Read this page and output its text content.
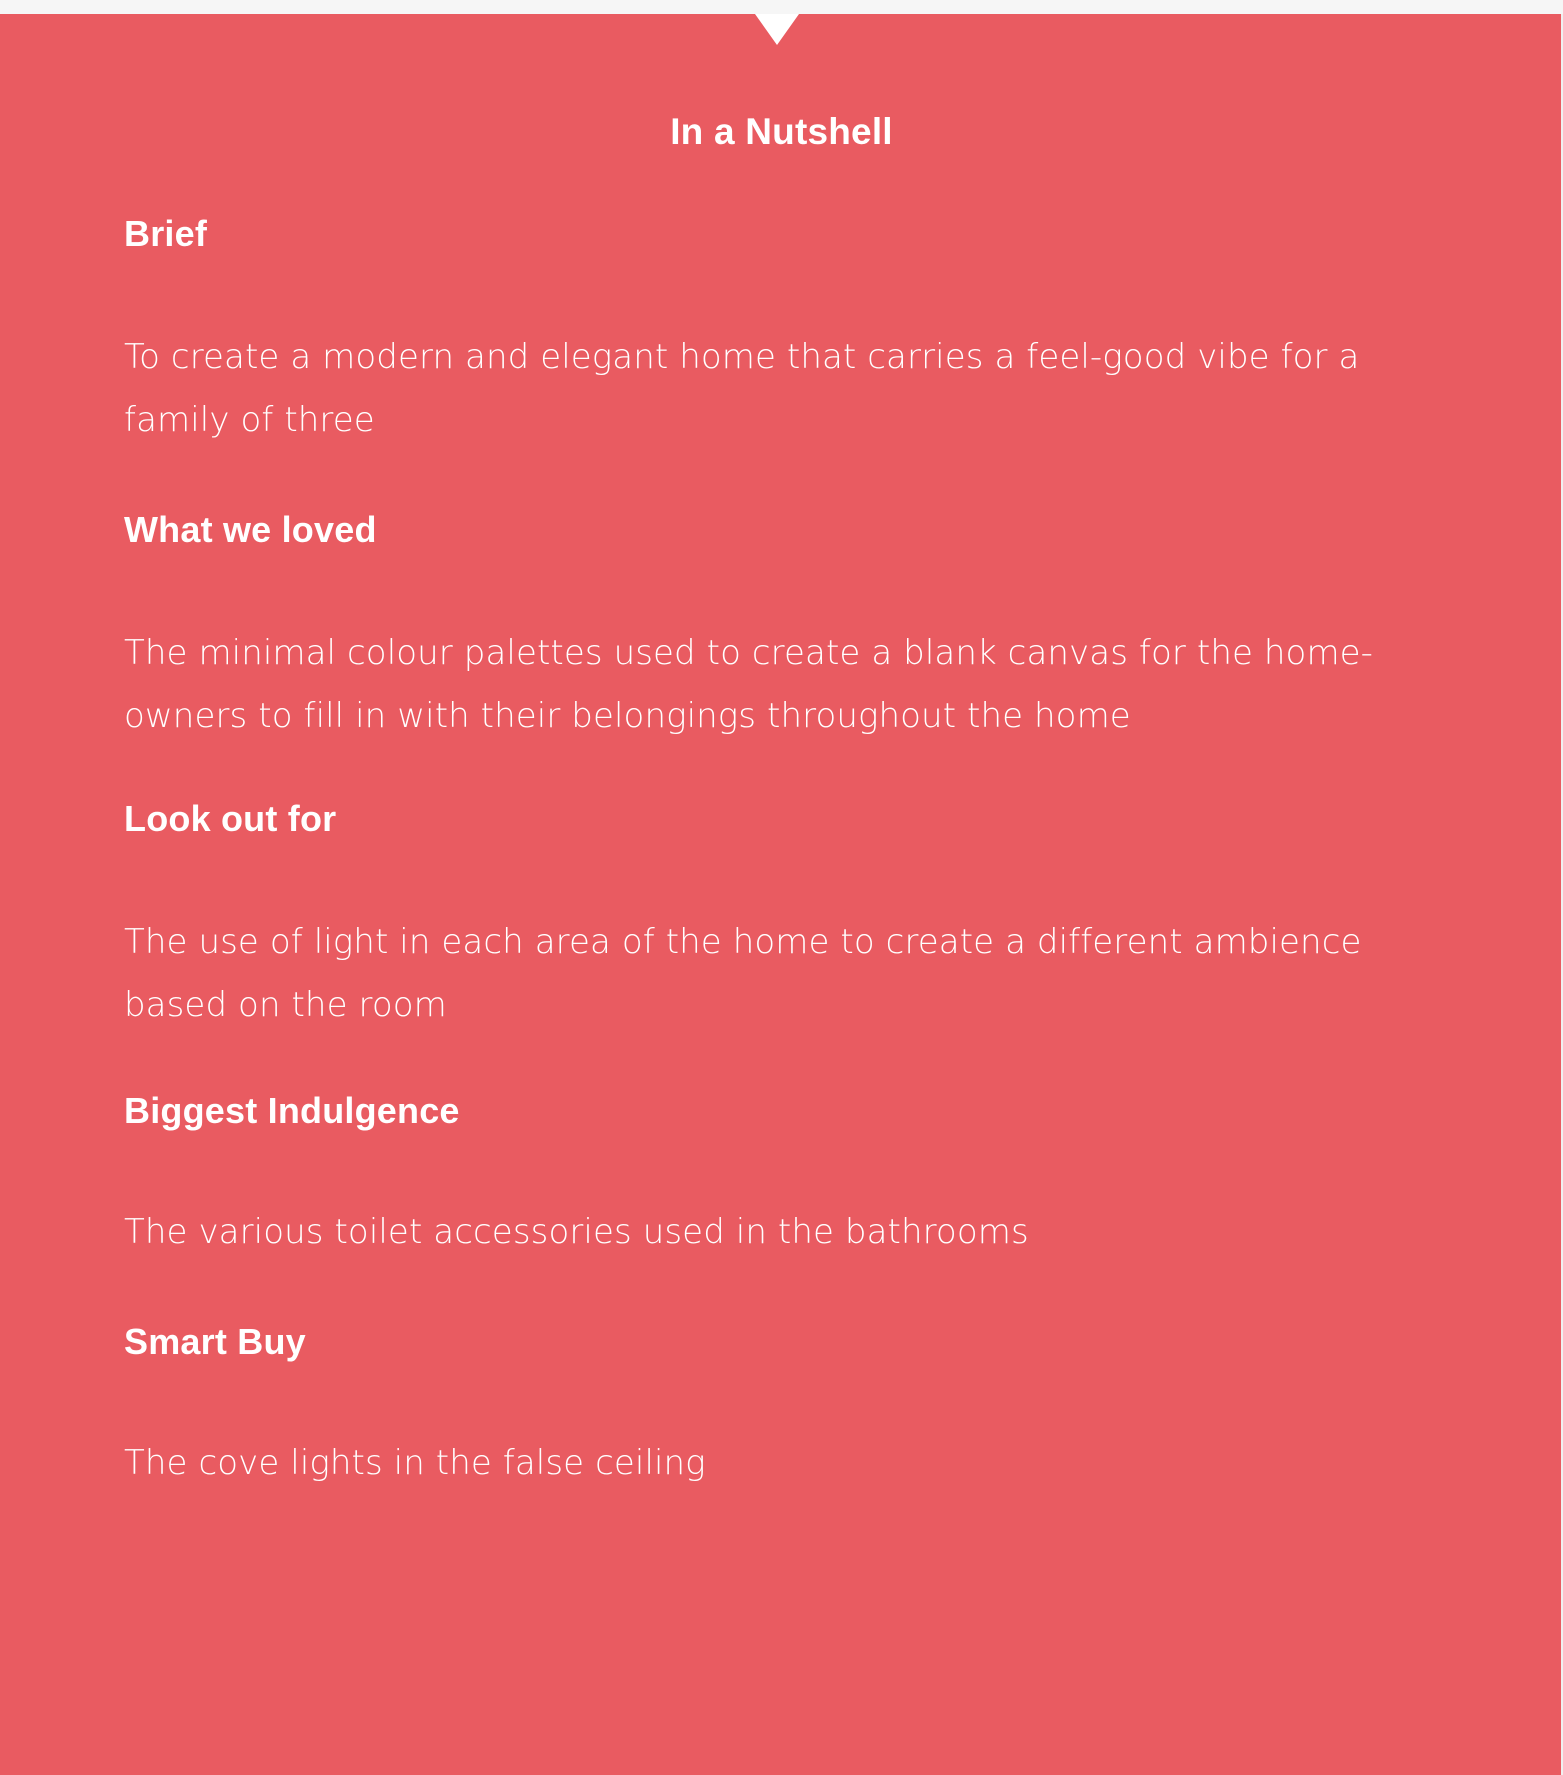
In a Nutshell
Brief

To create a modern and elegant home that carries a feel-good vibe for a family of three

What we loved

The minimal colour palettes used to create a blank canvas for the home-owners to fill in with their belongings throughout the home

Look out for

The use of light in each area of the home to create a different ambience based on the room

Biggest Indulgence

The various toilet accessories used in the bathrooms

Smart Buy

The cove lights in the false ceiling
